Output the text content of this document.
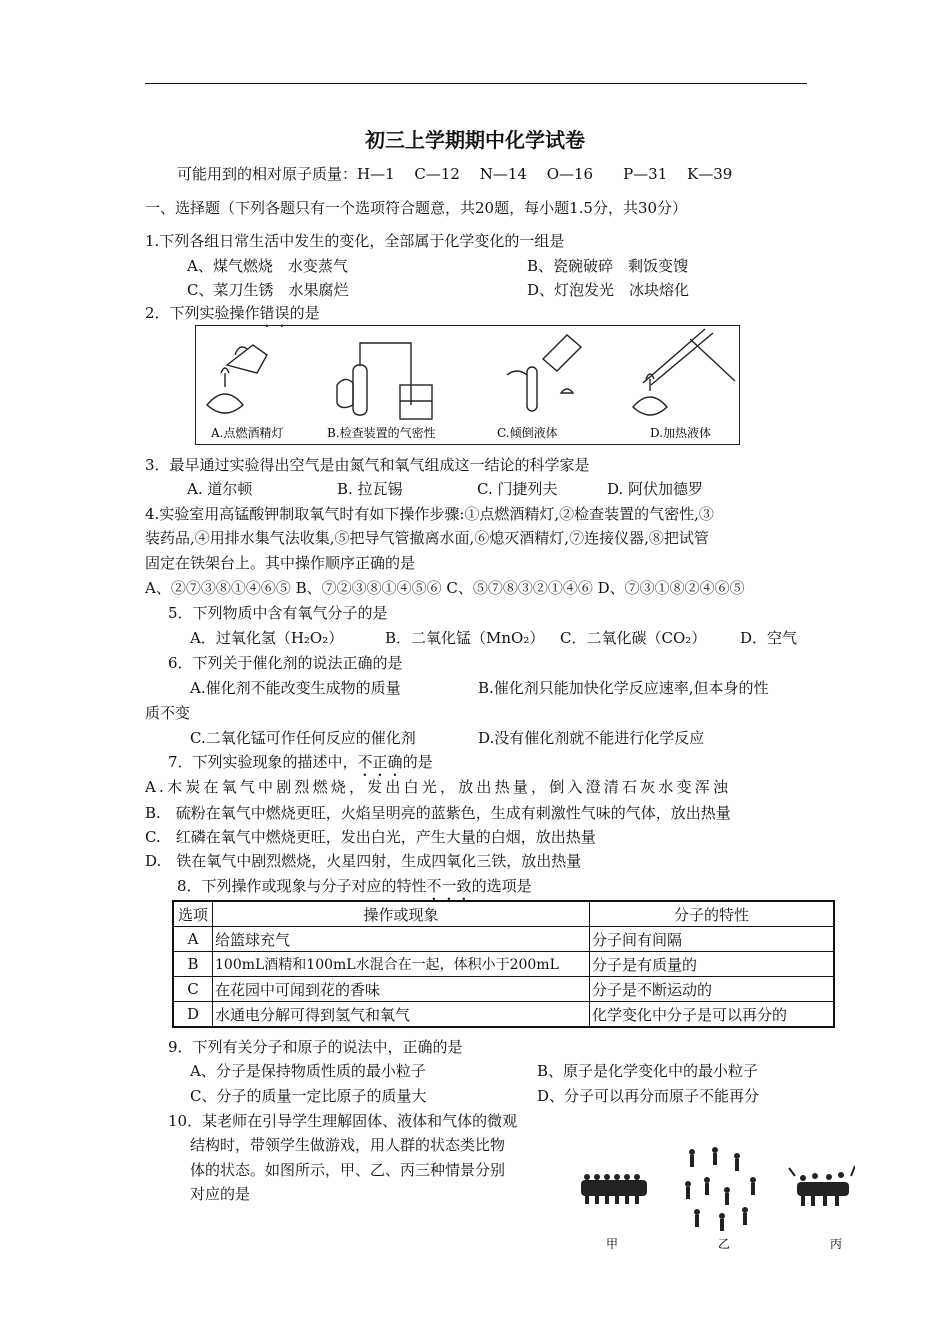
初三上学期期中化学试卷
可能用到的相对原子质量：H—1　 C—12　 N—14　 O—16　　P—31　 K—39
一、选择题（下列各题只有一个选项符合题意，共20题，每小题1.5分，共30分）
1.下列各组日常生活中发生的变化，全部属于化学变化的一组是
A、煤气燃烧　水变蒸气	B、瓷碗破碎　剩饭变馊
C、菜刀生锈　水果腐烂	D、灯泡发光　冰块熔化
2．下列实验操作错误的是
A.点燃酒精灯	B.检查装置的气密性	C.倾倒液体	D.加热液体
3．最早通过实验得出空气是由氮气和氧气组成这一结论的科学家是
A. 道尔顿	B. 拉瓦锡	C. 门捷列夫	D. 阿伏加德罗
4.实验室用高锰酸钾制取氧气时有如下操作步骤:①点燃酒精灯,②检查装置的气密性,③
装药品,④用排水集气法收集,⑤把导气管撤离水面,⑥熄灭酒精灯,⑦连接仪器,⑧把试管
固定在铁架台上。其中操作顺序正确的是
A、②⑦③⑧①④⑥⑤ B、⑦②③⑧①④⑤⑥ C、⑤⑦⑧③②①④⑥ D、⑦③①⑧②④⑥⑤
5．下列物质中含有氧气分子的是
A．过氧化氢（H₂O₂）	B．二氧化锰（MnO₂） C．二氧化碳（CO₂） D．空气
6．下列关于催化剂的说法正确的是
A.催化剂不能改变生成物的质量	B.催化剂只能加快化学反应速率,但本身的性
质不变
C.二氧化锰可作任何反应的催化剂	D.没有催化剂就不能进行化学反应
7．下列实验现象的描述中，不正确的是
A.木炭在氧气中剧烈燃烧，发出白光，放出热量，倒入澄清石灰水变浑浊
B.　硫粉在氧气中燃烧更旺，火焰呈明亮的蓝紫色，生成有刺激性气味的气体，放出热量
C.　红磷在氧气中燃烧更旺，发出白光，产生大量的白烟，放出热量
D.　铁在氧气中剧烈燃烧，火星四射，生成四氧化三铁，放出热量
8．下列操作或现象与分子对应的特性不一致的选项是
选项	操作或现象	分子的特性
A	给篮球充气	分子间有间隔
B	100mL酒精和100mL水混合在一起，体积小于200mL	分子是有质量的
C	在花园中可闻到花的香味	分子是不断运动的
D	水通电分解可得到氢气和氧气	化学变化中分子是可以再分的
9．下列有关分子和原子的说法中，正确的是
A、分子是保持物质性质的最小粒子	B、原子是化学变化中的最小粒子
C、分子的质量一定比原子的质量大	D、分子可以再分而原子不能再分
10．某老师在引导学生理解固体、液体和气体的微观
结构时，带领学生做游戏，用人群的状态类比物
体的状态。如图所示，甲、乙、丙三种情景分别
对应的是
甲	乙	丙
